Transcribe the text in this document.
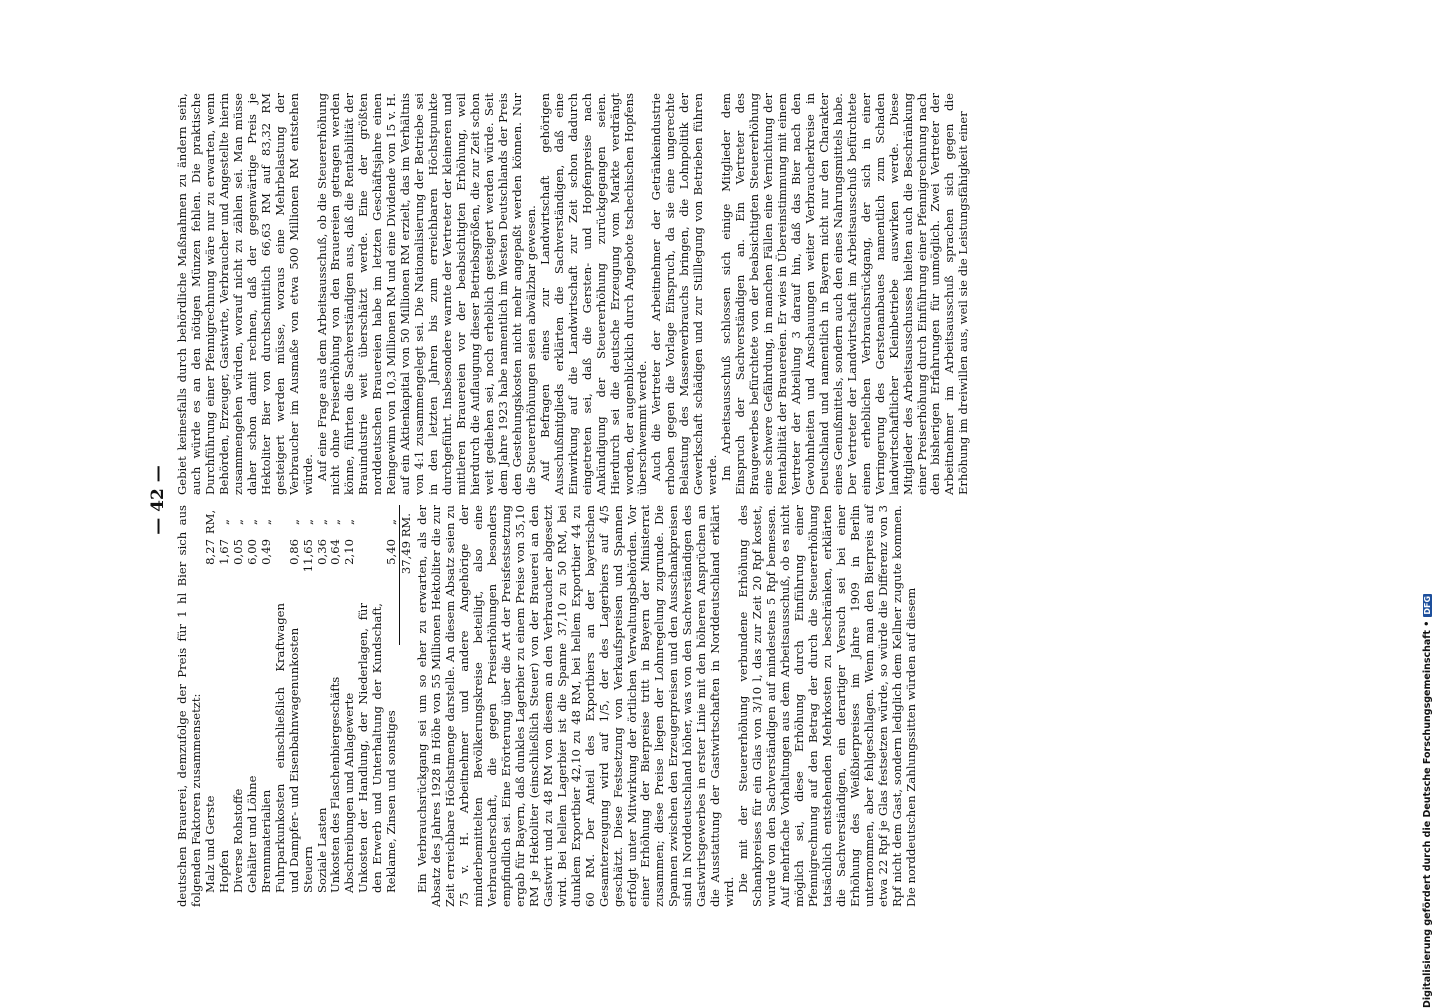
— 42 —

deutschen Brauerei, demzufolge der Preis für 1 hl Bier sich aus folgenden Faktoren zusammensetzt: Malz und Gerste
8,27
RM,
Hopfen
1,67
„
Diverse Rohstoffe
0,05
„
Gehälter und Löhne
6,00
„
Brennmaterialien
0,49
„
Fuhrparkunkosten einschließlich Kraftwagen und Dampfer- und Eisenbahnwagenunkosten
0,86
„
Steuern
11,65
„
Soziale Lasten
0,36
„
Unkosten des Flaschenbiergeschäfts
0,64
„
Abschreibungen und Anlagewerte
2,10
„
Unkosten der Handlung, der Niederlagen, für den Erwerb und Unterhaltung der Kundschaft, Reklame, Zinsen und sonstiges
5,40
„ 37,49 RM. Ein Verbrauchsrückgang sei um so eher zu erwarten, als der Absatz des Jahres 1928 in Höhe von 55 Millionen Hektoliter die zur Zeit erreichbare Höchstmenge darstelle. An diesem Absatz seien zu 75 v. H. Arbeitnehmer und andere Angehörige der minderbemittelten Bevölkerungskreise beteiligt, also eine Verbraucherschaft, die gegen Preiserhöhungen besonders empfindlich sei. Eine Erörterung über die Art der Preisfestsetzung ergab für Bayern, daß dunkles Lagerbier zu einem Preise von 35,10 RM je Hektoliter (einschließlich Steuer) von der Brauerei an den Gastwirt und zu 48 RM von diesem an den Verbraucher abgesetzt wird. Bei hellem Lagerbier ist die Spanne 37,10 zu 50 RM, bei dunklem Exportbier 42,10 zu 48 RM, bei hellem Exportbier 44 zu 60 RM. Der Anteil des Exportbiers an der bayerischen Gesamterzeugung wird auf 1/5, der des Lagerbiers auf 4/5 geschätzt. Diese Festsetzung von Verkaufspreisen und Spannen erfolgt unter Mitwirkung der örtlichen Verwaltungsbehörden. Vor einer Erhöhung der Bierpreise tritt in Bayern der Ministerrat zusammen; diese Preise liegen der Lohnregelung zugrunde. Die Spannen zwischen den Erzeugerpreisen und den Ausschankpreisen sind in Norddeutschland höher, was von den Sachverständigen des Gastwirtsgewerbes in erster Linie mit den höheren Ansprüchen an die Ausstattung der Gastwirtschaften in Norddeutschland erklärt wird. Die mit der Steuererhöhung verbundene Erhöhung des Schankpreises für ein Glas von 3/10 l, das zur Zeit 20 Rpf kostet, wurde von den Sachverständigen auf mindestens 5 Rpf bemessen. Auf mehrfache Vorhaltungen aus dem Arbeitsausschuß, ob es nicht möglich sei, diese Erhöhung durch Einführung einer Pfennigrechnung auf den Betrag der durch die Steuererhöhung tatsächlich entstehenden Mehrkosten zu beschränken, erklärten die Sachverständigen, ein derartiger Versuch sei bei einer Erhöhung des Weißbierpreises im Jahre 1909 in Berlin unternommen, aber fehlgeschlagen. Wenn man den Bierpreis auf etwa 22 Rpf je Glas festsetzen würde, so würde die Differenz von 3 Rpf nicht dem Gast, sondern lediglich dem Kellner zugute kommen. Die norddeutschen Zahlungssitten würden auf diesem

Gebiet keinesfalls durch behördliche Maßnahmen zu ändern sein, auch würde es an den nötigen Münzen fehlen. Die praktische Durchführung einer Pfennigrechnung wäre nur zu erwarten, wenn Behörden, Erzeuger, Gastwirte, Verbraucher und Angestellte hierin zusammengehen würden, worauf nicht zu zählen sei. Man müsse daher schon damit rechnen, daß der gegenwärtige Preis je Hektoliter Bier von durchschnittlich 66,63 RM auf 83,32 RM gesteigert werden müsse, woraus eine Mehrbelastung der Verbraucher im Ausmaße von etwa 500 Millionen RM entstehen würde. Auf eine Frage aus dem Arbeitsausschuß, ob die Steuererhöhung nicht ohne Preiserhöhung von den Brauereien getragen werden könne, führten die Sachverständigen aus, daß die Rentabilität der Brauindustrie weit überschätzt werde. Eine der größten norddeutschen Brauereien habe im letzten Geschäftsjahre einen Reingewinn von 10,3 Millionen RM und eine Dividende von 15 v. H. auf ein Aktienkapital von 50 Millionen RM erzielt, das im Verhältnis von 4:1 zusammengelegt sei. Die Nationalisierung der Betriebe sei in den letzten Jahren bis zum erreichbaren Höchstpunkte durchgeführt. Insbesondere warnte der Vertreter der kleineren und mittleren Brauereien vor der beabsichtigten Erhöhung, weil hierdurch die Auflaugung dieser Betriebsgrößen, die zur Zeit schon weit gediehen sei, noch erheblich gesteigert werden würde. Seit dem Jahre 1923 habe namentlich im Westen Deutschlands der Preis den Gestehungskosten nicht mehr angepaßt werden können. Nur die Steuererhöhungen seien abwälzbar gewesen. Auf Befragen eines zur Landwirtschaft gehörigen Ausschußmitglieds erklärten die Sachverständigen, daß eine Einwirkung auf die Landwirtschaft zur Zeit schon dadurch eingetreten sei, daß die Gersten- und Hopfenpreise nach Ankündigung der Steuererhöhung zurückgegangen seien. Hierdurch sei die deutsche Erzeugung vom Markte verdrängt worden, der augenblicklich durch Angebote tschechischen Hopfens überschwemmt werde. Auch die Vertreter der Arbeitnehmer der Getränkeindustrie erhoben gegen die Vorlage Einspruch, da sie eine ungerechte Belastung des Massenverbrauchs bringen, die Lohnpolitik der Gewerkschaft schädigen und zur Stilllegung von Betrieben führen werde. Im Arbeitsausschuß schlossen sich einige Mitglieder dem Einspruch der Sachverständigen an. Ein Vertreter des Braugewerbes befürchtete von der beabsichtigten Steuererhöhung eine schwere Gefährdung, in manchen Fällen eine Vernichtung der Rentabilität der Brauereien. Er wies in Übereinstimmung mit einem Vertreter der Abteilung 3 darauf hin, daß das Bier nach den Gewohnheiten und Anschauungen weiter Verbraucherkreise in Deutschland und namentlich in Bayern nicht nur den Charakter eines Genußmittels, sondern auch den eines Nahrungsmittels habe. Der Vertreter der Landwirtschaft im Arbeitsausschuß befürchtete einen erheblichen Verbrauchsrückgang, der sich in einer Verringerung des Gerstenanbaues namentlich zum Schaden landwirtschaftlicher Kleinbetriebe auswirken werde. Diese Mitglieder des Arbeitsausschusses hielten auch die Beschränkung einer Preiserhöhung durch Einführung einer Pfennigrechnung nach den bisherigen Erfahrungen für unmöglich. Zwei Vertreter der Arbeitnehmer im Arbeitsausschuß sprachen sich gegen die Erhöhung im dreiwillen aus, weil sie die Leistungsfähigkeit einer

Digitalisierung gefördert durch die Deutsche Forschungsgemeinschaft •
DFG
